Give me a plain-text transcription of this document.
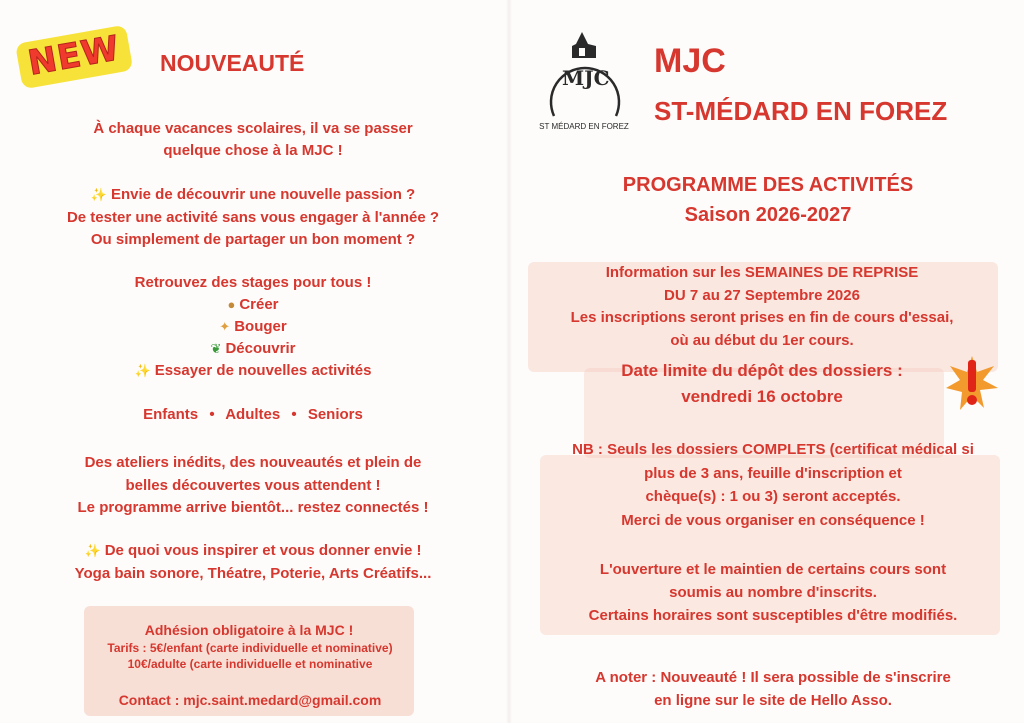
NEW	NOUVEAUTÉ
À chaque vacances scolaires, il va se passer
quelque chose à la MJC !
✨ Envie de découvrir une nouvelle passion ?
De tester une activité sans vous engager à l'année ?
Ou simplement de partager un bon moment ?
Retrouvez des stages pour tous !
● Créer
✦ Bouger
❦ Découvrir
✨ Essayer de nouvelles activités
Enfants • Adultes • Seniors
Des ateliers inédits, des nouveautés et plein de
belles découvertes vous attendent !
Le programme arrive bientôt... restez connectés !
✨ De quoi vous inspirer et vous donner envie !
Yoga bain sonore, Théatre, Poterie, Arts Créatifs...
Adhésion obligatoire à la MJC !
Tarifs : 5€/enfant (carte individuelle et nominative)
10€/adulte (carte individuelle et nominative
Contact : mjc.saint.medard@gmail.com
MJC
ST MÉDARD EN FOREZ
MJC
ST-MÉDARD EN FOREZ
PROGRAMME DES ACTIVITÉS
Saison 2026-2027
Information sur les SEMAINES DE REPRISE
DU 7 au 27 Septembre 2026
Les inscriptions seront prises en fin de cours d'essai,
où au début du 1er cours.
Date limite du dépôt des dossiers :
vendredi 16 octobre
NB : Seuls les dossiers COMPLETS (certificat médical si
plus de 3 ans, feuille d'inscription et
chèque(s) : 1 ou 3) seront acceptés.
Merci de vous organiser en conséquence !
L'ouverture et le maintien de certains cours sont
soumis au nombre d'inscrits.
Certains horaires sont susceptibles d'être modifiés.
A noter : Nouveauté ! Il sera possible de s'inscrire
en ligne sur le site de Hello Asso.
